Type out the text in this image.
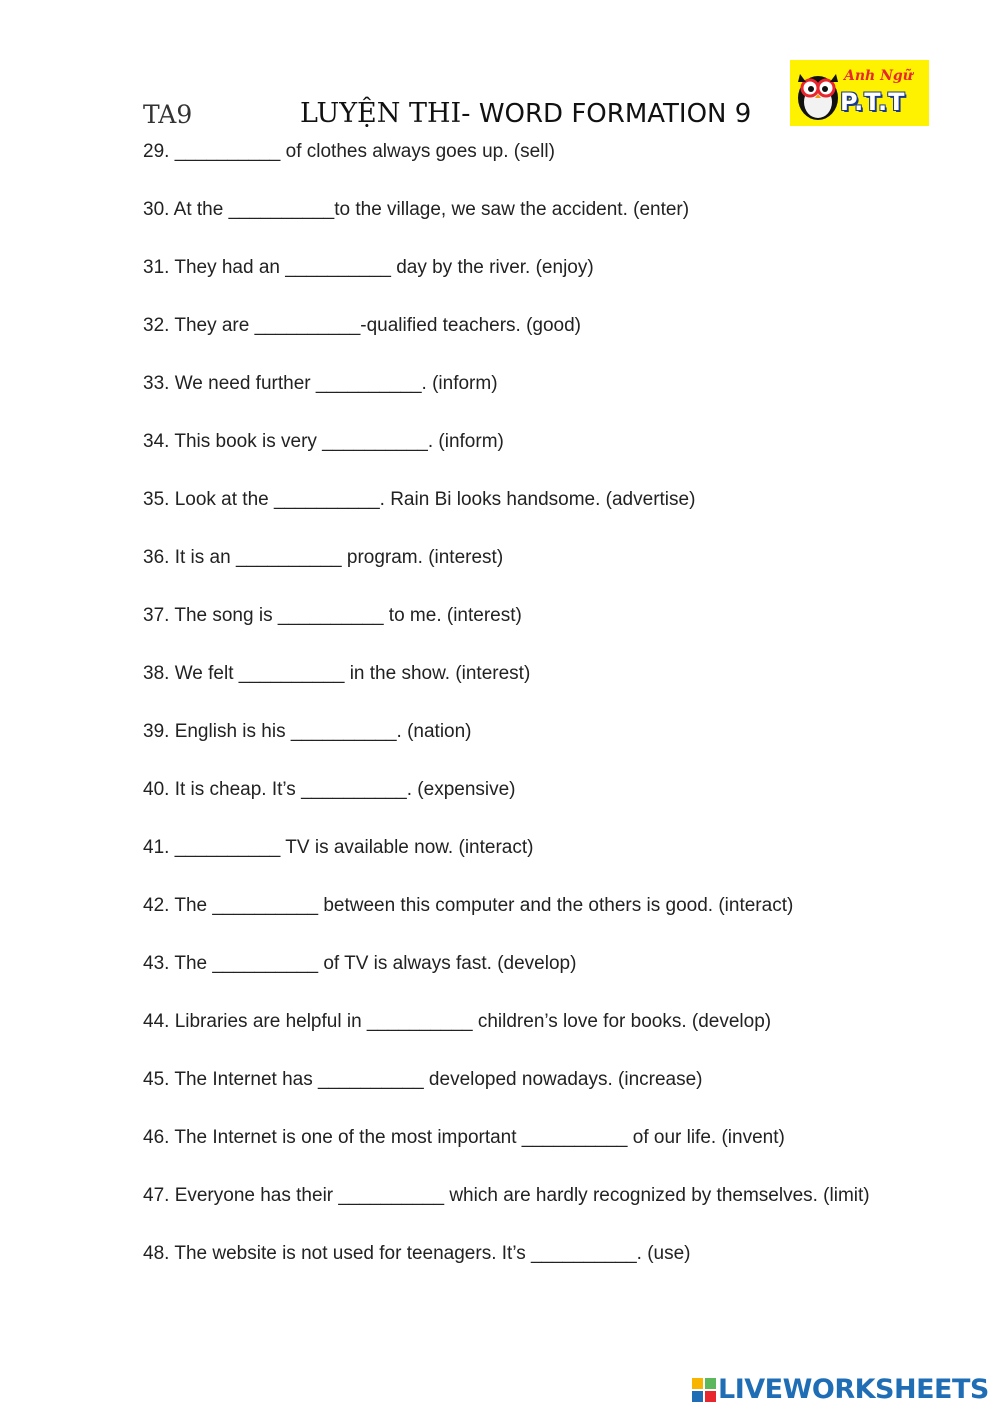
TA9	LUYỆN THI- WORD FORMATION 9
Anh Ngữ
P.T.T

29. __________ of clothes always goes up. (sell)

30. At the __________to the village, we saw the accident. (enter)

31. They had an __________ day by the river. (enjoy)

32. They are __________-qualified teachers. (good)

33. We need further __________. (inform)

34. This book is very __________. (inform)

35. Look at the __________. Rain Bi looks handsome. (advertise)

36. It is an __________ program. (interest)

37. The song is __________ to me. (interest)

38. We felt __________ in the show. (interest)

39. English is his __________. (nation)

40. It is cheap. It’s __________. (expensive)

41. __________ TV is available now. (interact)

42. The __________ between this computer and the others is good. (interact)

43. The __________ of TV is always fast. (develop)

44. Libraries are helpful in __________ children’s love for books. (develop)

45. The Internet has __________ developed nowadays. (increase)

46. The Internet is one of the most important __________ of our life. (invent)

47. Everyone has their __________ which are hardly recognized by themselves. (limit)

48. The website is not used for teenagers. It’s __________. (use)

LIVEWORKSHEETS
